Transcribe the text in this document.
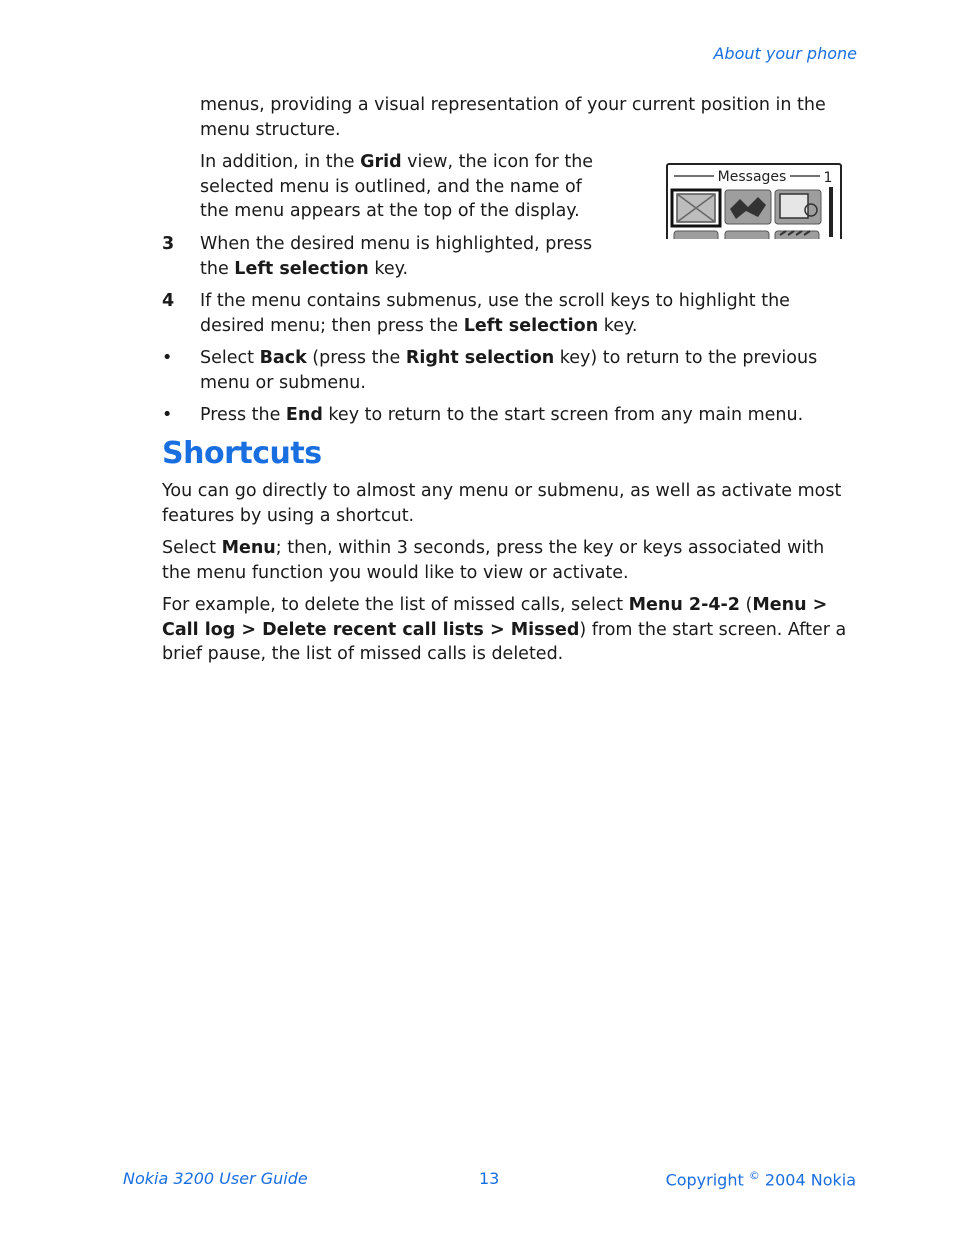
About your phone
menus, providing a visual representation of your current position in the menu structure.
In addition, in the Grid view, the icon for the selected menu is outlined, and the name of the menu appears at the top of the display.
Messages	1
3 When the desired menu is highlighted, press the Left selection key.
4 If the menu contains submenus, use the scroll keys to highlight the desired menu; then press the Left selection key.
• Select Back (press the Right selection key) to return to the previous menu or submenu.
• Press the End key to return to the start screen from any main menu.
Shortcuts
You can go directly to almost any menu or submenu, as well as activate most features by using a shortcut.
Select Menu; then, within 3 seconds, press the key or keys associated with the menu function you would like to view or activate.
For example, to delete the list of missed calls, select Menu 2-4-2 (Menu > Call log > Delete recent call lists > Missed) from the start screen. After a brief pause, the list of missed calls is deleted.
Nokia 3200 User Guide	13	Copyright © 2004 Nokia
